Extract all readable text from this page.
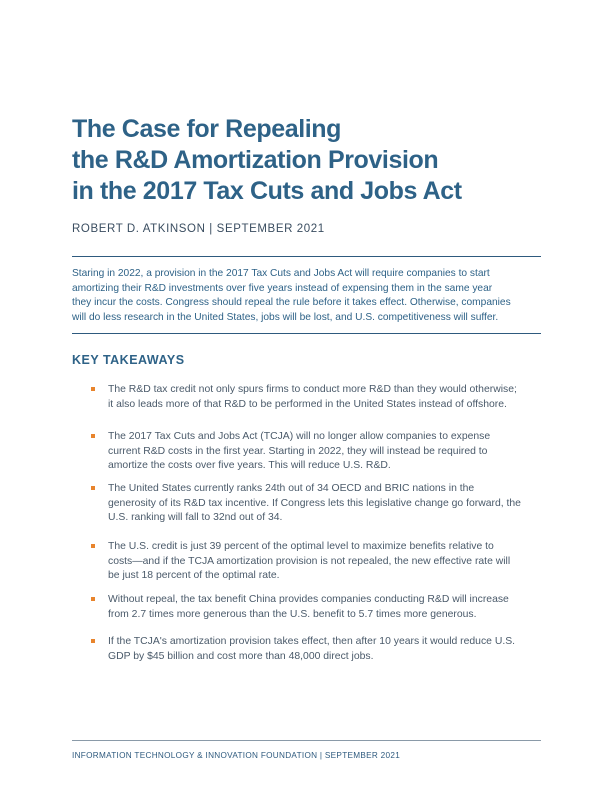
The Case for Repealing
the R&D Amortization Provision
in the 2017 Tax Cuts and Jobs Act
ROBERT D. ATKINSON | SEPTEMBER 2021
Staring in 2022, a provision in the 2017 Tax Cuts and Jobs Act will require companies to start
amortizing their R&D investments over five years instead of expensing them in the same year
they incur the costs. Congress should repeal the rule before it takes effect. Otherwise, companies
will do less research in the United States, jobs will be lost, and U.S. competitiveness will suffer.
KEY TAKEAWAYS
The R&D tax credit not only spurs firms to conduct more R&D than they would otherwise;
it also leads more of that R&D to be performed in the United States instead of offshore.
The 2017 Tax Cuts and Jobs Act (TCJA) will no longer allow companies to expense
current R&D costs in the first year. Starting in 2022, they will instead be required to
amortize the costs over five years. This will reduce U.S. R&D.
The United States currently ranks 24th out of 34 OECD and BRIC nations in the
generosity of its R&D tax incentive. If Congress lets this legislative change go forward, the
U.S. ranking will fall to 32nd out of 34.
The U.S. credit is just 39 percent of the optimal level to maximize benefits relative to
costs—and if the TCJA amortization provision is not repealed, the new effective rate will
be just 18 percent of the optimal rate.
Without repeal, the tax benefit China provides companies conducting R&D will increase
from 2.7 times more generous than the U.S. benefit to 5.7 times more generous.
If the TCJA's amortization provision takes effect, then after 10 years it would reduce U.S.
GDP by $45 billion and cost more than 48,000 direct jobs.
INFORMATION TECHNOLOGY & INNOVATION FOUNDATION | SEPTEMBER 2021
